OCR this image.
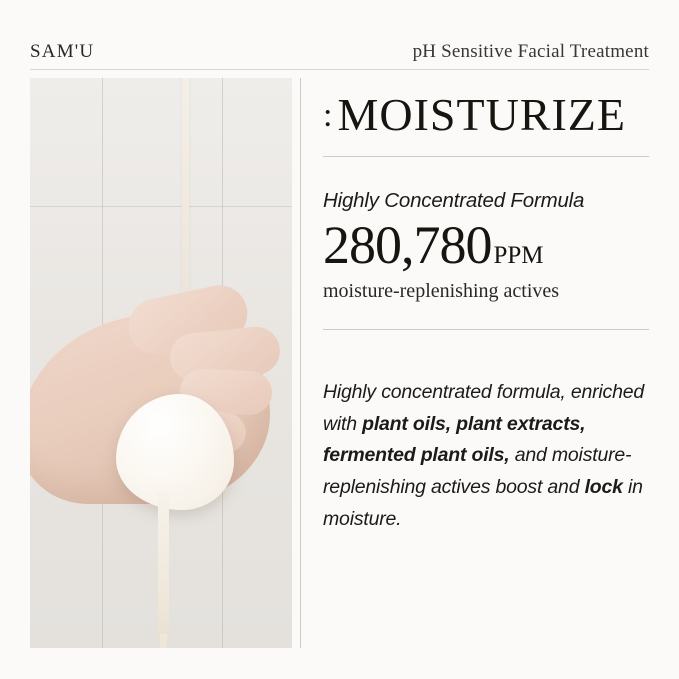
SAM'U	pH Sensitive Facial Treatment
:MOISTURIZE
Highly Concentrated Formula
280,780 PPM
moisture-replenishing actives

Highly concentrated formula, enriched with plant oils, plant extracts, fermented plant oils, and moisture-replenishing actives boost and lock in moisture.
